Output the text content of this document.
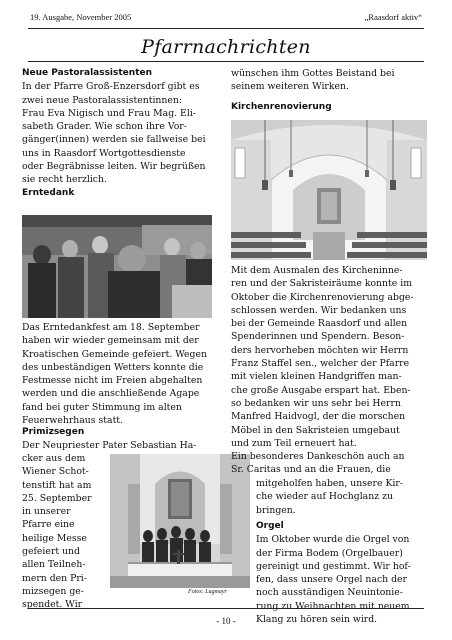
19. Ausgabe, November 2005	„Raasdorf aktiv“
Pfarrnachrichten

Neue Pastoralassistenten

In der Pfarre Groß-Enzersdorf gibt es

zwei neue Pastoralassistentinnen:

Frau Eva Nigisch und Frau Mag. Eli-

sabeth Grader. Wie schon ihre Vor-

gänger(innen) werden sie fallweise bei

uns in Raasdorf Wortgottesdienste

oder Begräbnisse leiten. Wir begrüßen

sie recht herzlich.

Erntedank

Das Erntedankfest am 18. September

haben wir wieder gemeinsam mit der

Kroatischen Gemeinde gefeiert. Wegen

des unbeständigen Wetters konnte die

Festmesse nicht im Freien abgehalten

werden und die anschließende Agape

fand bei guter Stimmung im alten

Feuerwehrhaus statt.

Primizsegen

Der Neupriester Pater Sebastian Ha-

cker aus dem

Wiener Schot-

tenstift hat am

25. September

in unserer

Pfarre eine

heilige Messe

gefeiert und

allen Teilneh-

mern den Pri-

mizsegen ge-

spendet. Wir

Fotos: Lugmayr

wünschen ihm Gottes Beistand bei

seinem weiteren Wirken.

Kirchenrenovierung

Mit dem Ausmalen des Kircheninne-

ren und der Sakristeiräume konnte im

Oktober die Kirchenrenovierung abge-

schlossen werden. Wir bedanken uns

bei der Gemeinde Raasdorf und allen

Spenderinnen und Spendern. Beson-

ders hervorheben möchten wir Herrn

Franz Staffel sen., welcher der Pfarre

mit vielen kleinen Handgriffen man-

che große Ausgabe erspart hat. Eben-

so bedanken wir uns sehr bei Herrn

Manfred Haidvogl, der die morschen

Möbel in den Sakristeien umgebaut

und zum Teil erneuert hat.

Ein besonderes Dankeschön auch an

Sr. Caritas und an die Frauen, die

mitgeholfen haben, unsere Kir-

che wieder auf Hochglanz zu

bringen.

Orgel

Im Oktober wurde die Orgel von

der Firma Bodem (Orgelbauer)

gereinigt und gestimmt. Wir hof-

fen, dass unsere Orgel nach der

noch ausständigen Neuintonie-

rung zu Weihnachten mit neuem

Klang zu hören sein wird.

- 10 -
